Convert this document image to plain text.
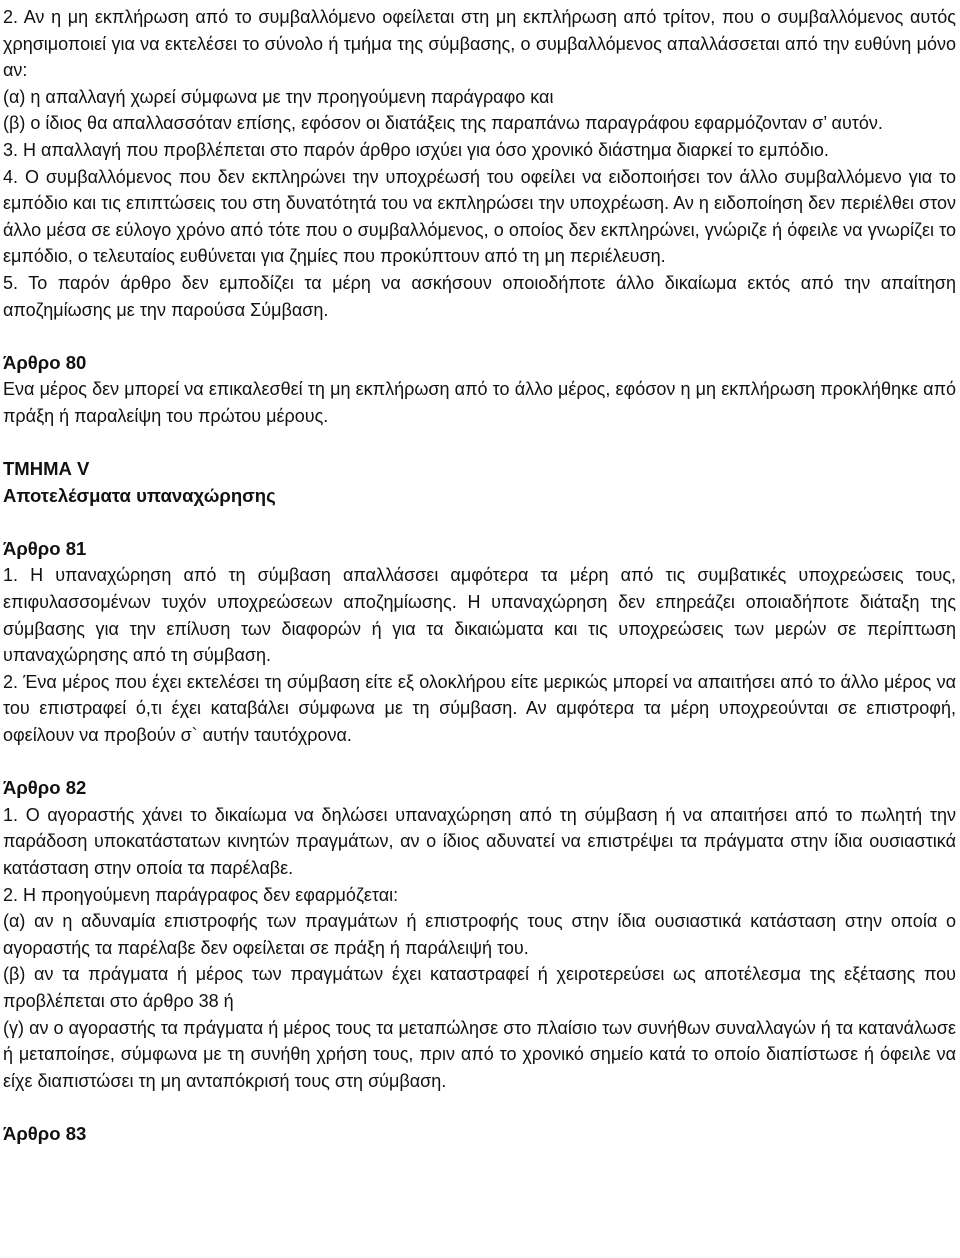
2. Αν η μη εκπλήρωση από το συμβαλλόμενο οφείλεται στη μη εκπλήρωση από τρίτον, που ο συμβαλλόμενος αυτός χρησιμοποιεί για να εκτελέσει το σύνολο ή τμήμα της σύμβασης, ο συμβαλλόμενος απαλλάσσεται από την ευθύνη μόνο αν:

(α) η απαλλαγή χωρεί σύμφωνα με την προηγούμενη παράγραφο και

(β) ο ίδιος θα απαλλασσόταν επίσης, εφόσον οι διατάξεις της παραπάνω παραγράφου εφαρμόζονταν σ’ αυτόν.

3. Η απαλλαγή που προβλέπεται στο παρόν άρθρο ισχύει για όσο χρονικό διάστημα διαρκεί το εμπόδιο.

4. Ο συμβαλλόμενος που δεν εκπληρώνει την υποχρέωσή του οφείλει να ειδοποιήσει τον άλλο συμβαλλόμενο για το εμπόδιο και τις επιπτώσεις του στη δυνατότητά του να εκπληρώσει την υποχρέωση. Αν η ειδοποίηση δεν περιέλθει στον άλλο μέσα σε εύλογο χρόνο από τότε που ο συμβαλλόμενος, ο οποίος δεν εκπληρώνει, γνώριζε ή όφειλε να γνωρίζει το εμπόδιο, ο τελευταίος ευθύνεται για ζημίες που προκύπτουν από τη μη περιέλευση.

5. Το παρόν άρθρο δεν εμποδίζει τα μέρη να ασκήσουν οποιοδήποτε άλλο δικαίωμα εκτός από την απαίτηση αποζημίωσης με την παρούσα Σύμβαση.

Άρθρο 80

Ενα μέρος δεν μπορεί να επικαλεσθεί τη μη εκπλήρωση από το άλλο μέρος, εφόσον η μη εκπλήρωση προκλήθηκε από πράξη ή παραλείψη του πρώτου μέρους.

ΤΜΗΜΑ V
Αποτελέσματα υπαναχώρησης
Άρθρο 81

1. Η υπαναχώρηση από τη σύμβαση απαλλάσσει αμφότερα τα μέρη από τις συμβατικές υποχρεώσεις τους, επιφυλασσομένων τυχόν υποχρεώσεων αποζημίωσης. Η υπαναχώρηση δεν επηρεάζει οποιαδήποτε διάταξη της σύμβασης για την επίλυση των διαφορών ή για τα δικαιώματα και τις υποχρεώσεις των μερών σε περίπτωση υπαναχώρησης από τη σύμβαση.

2. Ένα μέρος που έχει εκτελέσει τη σύμβαση είτε εξ ολοκλήρου είτε μερικώς μπορεί να απαιτήσει από το άλλο μέρος να του επιστραφεί ό,τι έχει καταβάλει σύμφωνα με τη σύμβαση. Αν αμφότερα τα μέρη υποχρεούνται σε επιστροφή, οφείλουν να προβούν σ` αυτήν ταυτόχρονα.

Άρθρο 82

1. Ο αγοραστής χάνει το δικαίωμα να δηλώσει υπαναχώρηση από τη σύμβαση ή να απαιτήσει από το πωλητή την παράδοση υποκατάστατων κινητών πραγμάτων, αν ο ίδιος αδυνατεί να επιστρέψει τα πράγματα στην ίδια ουσιαστικά κατάσταση στην οποία τα παρέλαβε.

2. Η προηγούμενη παράγραφος δεν εφαρμόζεται:

(α) αν η αδυναμία επιστροφής των πραγμάτων ή επιστροφής τους στην ίδια ουσιαστικά κατάσταση στην οποία ο αγοραστής τα παρέλαβε δεν οφείλεται σε πράξη ή παράλειψή του.

(β) αν τα πράγματα ή μέρος των πραγμάτων έχει καταστραφεί ή χειροτερεύσει ως αποτέλεσμα της εξέτασης που προβλέπεται στο άρθρο 38 ή

(γ) αν ο αγοραστής τα πράγματα ή μέρος τους τα μεταπώλησε στο πλαίσιο των συνήθων συναλλαγών ή τα κατανάλωσε ή μεταποίησε, σύμφωνα με τη συνήθη χρήση τους, πριν από το χρονικό σημείο κατά το οποίο διαπίστωσε ή όφειλε να είχε διαπιστώσει τη μη ανταπόκρισή τους στη σύμβαση.

Άρθρο 83
